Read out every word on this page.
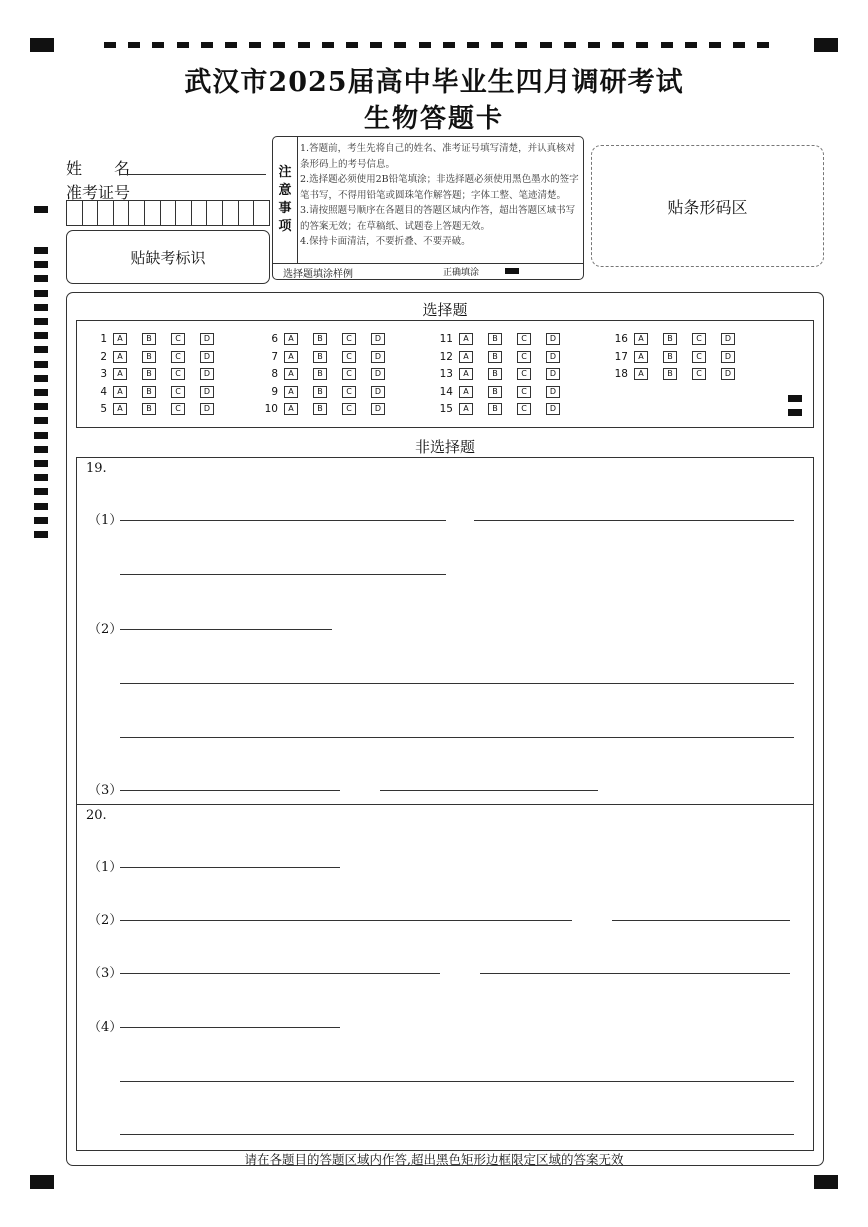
武汉市2025届高中毕业生四月调研考试
生物答题卡
姓　　名
准考证号
贴缺考标识
注
意
事
项
1.答题前，考生先将自己的姓名、准考证号填写清楚，并认真核对条形码上的考号信息。
2.选择题必须使用2B铅笔填涂；非选择题必须使用黑色墨水的签字笔书写，不得用铅笔或圆珠笔作解答题；字体工整、笔迹清楚。
3.请按照题号顺序在各题目的答题区域内作答，超出答题区域书写的答案无效；在草稿纸、试题卷上答题无效。
4.保持卡面清洁，不要折叠、不要弄破。
选择题填涂样例	正确填涂
贴条形码区
选择题
非选择题
1	A	B	C	D
2	A	B	C	D
3	A	B	C	D
4	A	B	C	D
5	A	B	C	D
6	A	B	C	D
7	A	B	C	D
8	A	B	C	D
9	A	B	C	D
10	A	B	C	D
11	A	B	C	D
12	A	B	C	D
13	A	B	C	D
14	A	B	C	D
15	A	B	C	D
16	A	B	C	D
17	A	B	C	D
18	A	B	C	D
19.
（1）
（2）
（3）
20.
（1）
（2）
（3）
（4）
请在各题目的答题区域内作答,超出黑色矩形边框限定区域的答案无效
